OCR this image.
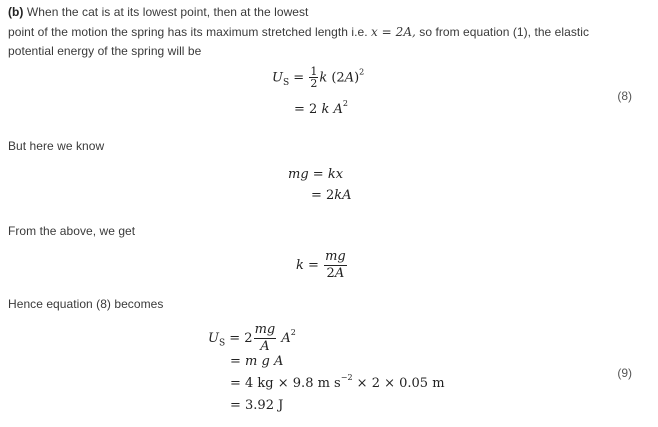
(b) When the cat is at its lowest point, then at the lowest
point of the motion the spring has its maximum stretched length i.e. x = 2A, so from equation (1), the elastic
potential energy of the spring will be
$U_S = \frac{1}{2}$ k $(2A)^2$
= 2 k $A^2$
(8)
But here we know
mg = kx
= 2kA
From the above, we get
$k = \frac{mg}{2A}$
Hence equation (8) becomes
$U_S = 2 \frac{mg}{A} A^2$
= m g A
= 4 kg × 9.8 m $s^{-2} \times 2 \times 0.05$ m
= 3.92 J
(9)
